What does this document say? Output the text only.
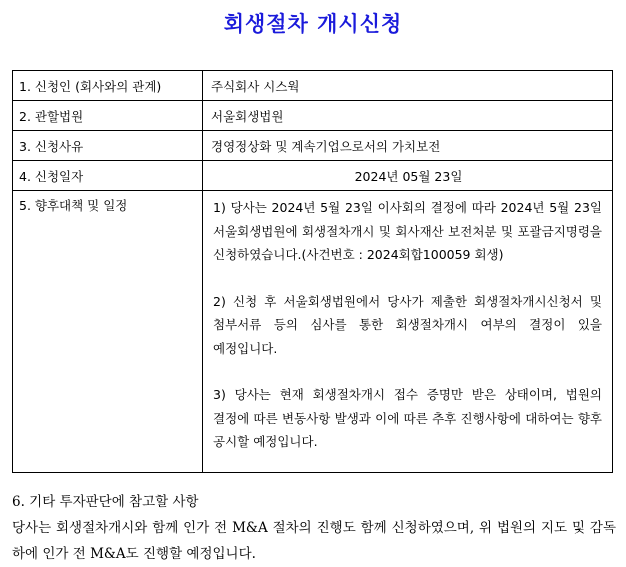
회생절차 개시신청
1. 신청인 (회사와의 관계)	주식회사 시스웍
2. 관할법원	서울회생법원
3. 신청사유	경영정상화 및 계속기업으로서의 가치보전
4. 신청일자	2024년 05월 23일
5. 향후대책 및 일정	1) 당사는 2024년 5월 23일 이사회의 결정에 따라 2024년 5월 23일 서울회생법원에 회생절차개시 및 회사재산 보전처분 및 포괄금지명령을 신청하였습니다.(사건번호 : 2024회합100059 회생)
2) 신청 후 서울회생법원에서 당사가 제출한 회생절차개시신청서 및 첨부서류 등의 심사를 통한 회생절차개시 여부의 결정이 있을 예정입니다.
3) 당사는 현재 회생절차개시 접수 증명만 받은 상태이며, 법원의 결정에 따른 변동사항 발생과 이에 따른 추후 진행사항에 대하여는 향후 공시할 예정입니다.
6. 기타 투자판단에 참고할 사항
당사는 회생절차개시와 함께 인가 전 M&A 절차의 진행도 함께 신청하였으며, 위 법원의 지도 및 감독 하에 인가 전 M&A도 진행할 예정입니다.
